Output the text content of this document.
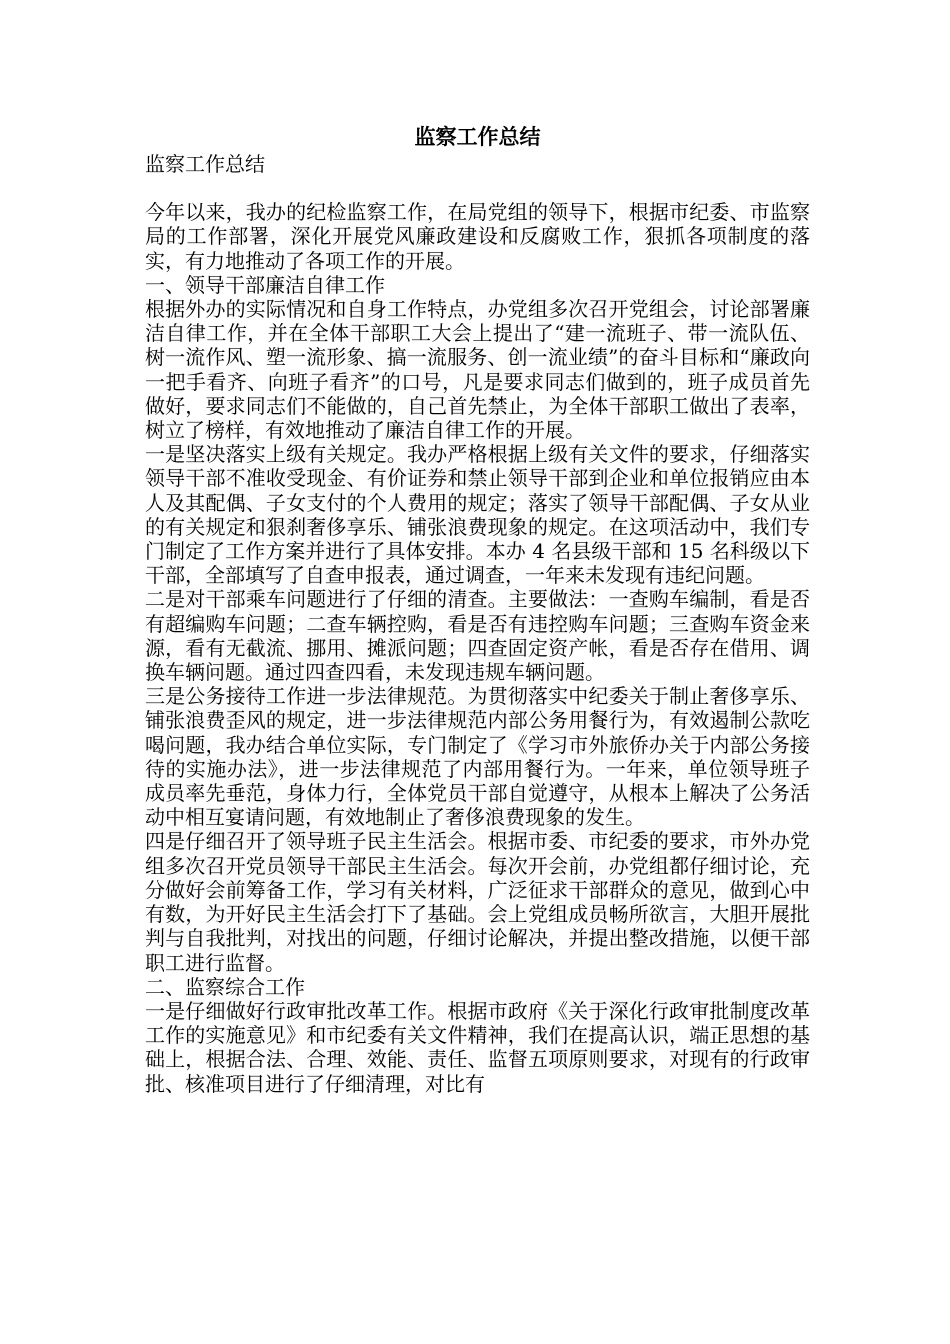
监察工作总结

监察工作总结

今年以来，我办的纪检监察工作，在局党组的领导下，根据市纪委、市监察局的工作部署，深化开展党风廉政建设和反腐败工作，狠抓各项制度的落实，有力地推动了各项工作的开展。

一、领导干部廉洁自律工作

根据外办的实际情况和自身工作特点，办党组多次召开党组会，讨论部署廉洁自律工作，并在全体干部职工大会上提出了“建一流班子、带一流队伍、树一流作风、塑一流形象、搞一流服务、创一流业绩”的奋斗目标和“廉政向一把手看齐、向班子看齐”的口号，凡是要求同志们做到的，班子成员首先做好，要求同志们不能做的，自己首先禁止，为全体干部职工做出了表率，树立了榜样，有效地推动了廉洁自律工作的开展。

一是坚决落实上级有关规定。我办严格根据上级有关文件的要求，仔细落实领导干部不准收受现金、有价证券和禁止领导干部到企业和单位报销应由本人及其配偶、子女支付的个人费用的规定；落实了领导干部配偶、子女从业的有关规定和狠刹奢侈享乐、铺张浪费现象的规定。在这项活动中，我们专门制定了工作方案并进行了具体安排。本办 4 名县级干部和 15 名科级以下干部，全部填写了自查申报表，通过调查，一年来未发现有违纪问题。

二是对干部乘车问题进行了仔细的清查。主要做法：一查购车编制，看是否有超编购车问题；二查车辆控购，看是否有违控购车问题；三查购车资金来源，看有无截流、挪用、摊派问题；四查固定资产帐，看是否存在借用、调换车辆问题。通过四查四看，未发现违规车辆问题。

三是公务接待工作进一步法律规范。为贯彻落实中纪委关于制止奢侈享乐、铺张浪费歪风的规定，进一步法律规范内部公务用餐行为，有效遏制公款吃喝问题，我办结合单位实际，专门制定了《学习市外旅侨办关于内部公务接待的实施办法》，进一步法律规范了内部用餐行为。一年来，单位领导班子成员率先垂范，身体力行，全体党员干部自觉遵守，从根本上解决了公务活动中相互宴请问题，有效地制止了奢侈浪费现象的发生。

四是仔细召开了领导班子民主生活会。根据市委、市纪委的要求，市外办党组多次召开党员领导干部民主生活会。每次开会前，办党组都仔细讨论，充分做好会前筹备工作，学习有关材料，广泛征求干部群众的意见，做到心中有数，为开好民主生活会打下了基础。会上党组成员畅所欲言，大胆开展批判与自我批判，对找出的问题，仔细讨论解决，并提出整改措施，以便干部职工进行监督。

二、监察综合工作

一是仔细做好行政审批改革工作。根据市政府《关于深化行政审批制度改革工作的实施意见》和市纪委有关文件精神，我们在提高认识，端正思想的基础上，根据合法、合理、效能、责任、监督五项原则要求，对现有的行政审批、核准项目进行了仔细清理，对比有
